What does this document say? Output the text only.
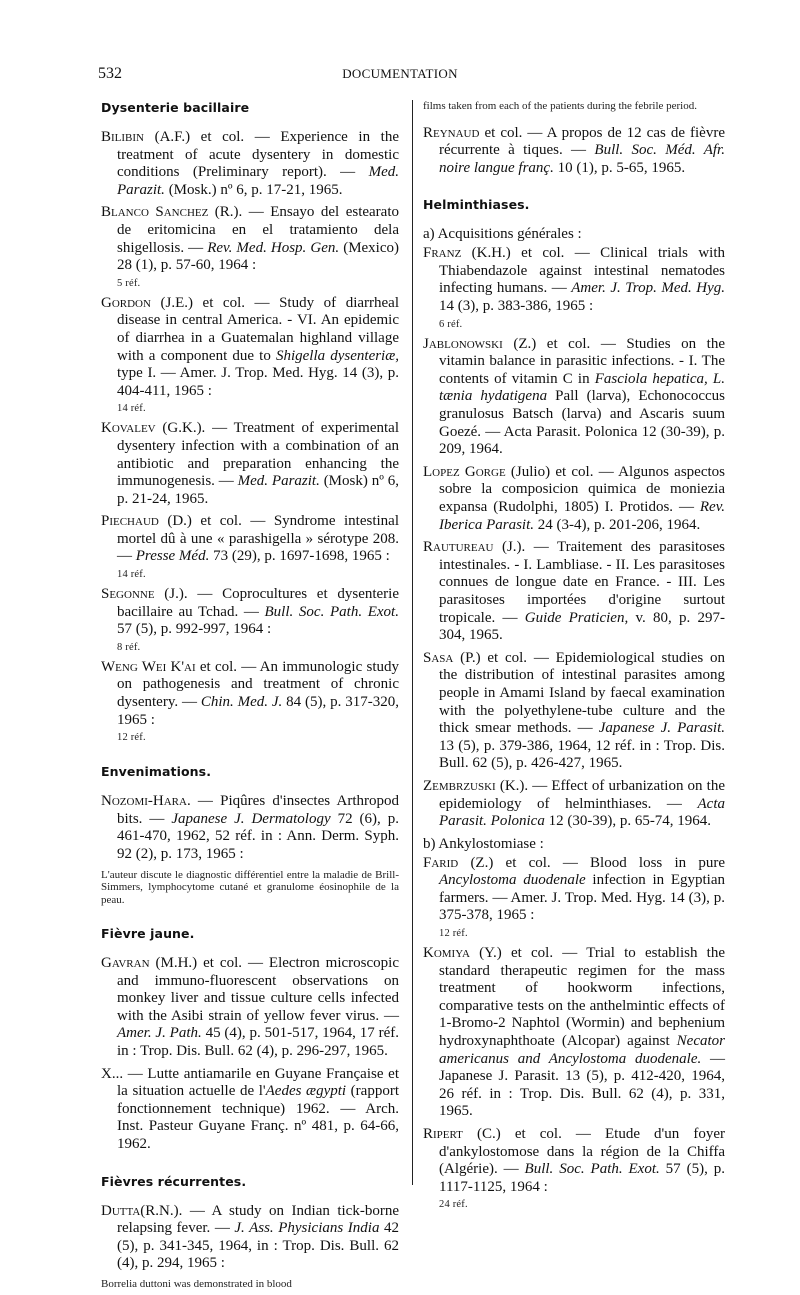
532	DOCUMENTATION
Dysenterie bacillaire

Bilibin (A.F.) et col. — Experience in the treatment of acute dysentery in domestic conditions (Preliminary report). — Med. Parazit. (Mosk.) nº 6, p. 17-21, 1965.

Blanco Sanchez (R.). — Ensayo del estearato de eritomicina en el tratamiento dela shigellosis. — Rev. Med. Hosp. Gen. (Mexico) 28 (1), p. 57-60, 1964 :

5 réf.

Gordon (J.E.) et col. — Study of diarrheal disease in central America. - VI. An epidemic of diarrhea in a Guatemalan highland village with a component due to Shigella dysenteriæ, type I. — Amer. J. Trop. Med. Hyg. 14 (3), p. 404-411, 1965 :

14 réf.

Kovalev (G.K.). — Treatment of experimental dysentery infection with a combination of an antibiotic and preparation enhancing the immunogenesis. — Med. Parazit. (Mosk) nº 6, p. 21-24, 1965.

Piechaud (D.) et col. — Syndrome intestinal mortel dû à une « parashigella » sérotype 208. — Presse Méd. 73 (29), p. 1697-1698, 1965 :

14 réf.

Segonne (J.). — Coprocultures et dysenterie bacillaire au Tchad. — Bull. Soc. Path. Exot. 57 (5), p. 992-997, 1964 :

8 réf.

Weng Wei K'ai et col. — An immunologic study on pathogenesis and treatment of chronic dysentery. — Chin. Med. J. 84 (5), p. 317-320, 1965 :

12 réf.
Envenimations.

Nozomi-Hara. — Piqûres d'insectes Arthropod bits. — Japanese J. Dermatology 72 (6), p. 461-470, 1962, 52 réf. in : Ann. Derm. Syph. 92 (2), p. 173, 1965 :

L'auteur discute le diagnostic différentiel entre la maladie de Brill-Simmers, lymphocytome cutané et granulome éosinophile de la peau.

Fièvre jaune.

Gavran (M.H.) et col. — Electron microscopic and immuno-fluorescent observations on monkey liver and tissue culture cells infected with the Asibi strain of yellow fever virus. — Amer. J. Path. 45 (4), p. 501-517, 1964, 17 réf. in : Trop. Dis. Bull. 62 (4), p. 296-297, 1965.

X... — Lutte antiamarile en Guyane Française et la situation actuelle de l'Aedes ægypti (rapport fonctionnement technique) 1962. — Arch. Inst. Pasteur Guyane Franç. nº 481, p. 64-66, 1962.

Fièvres récurrentes.

Dutta(R.N.). — A study on Indian tick-borne relapsing fever. — J. Ass. Physicians India 42 (5), p. 341-345, 1964, in : Trop. Dis. Bull. 62 (4), p. 294, 1965 :

Borrelia duttoni was demonstrated in blood

films taken from each of the patients during the febrile period.

Reynaud et col. — A propos de 12 cas de fièvre récurrente à tiques. — Bull. Soc. Méd. Afr. noire langue franç. 10 (1), p. 5-65, 1965.

Helminthiases.

a) Acquisitions générales :

Franz (K.H.) et col. — Clinical trials with Thiabendazole against intestinal nematodes infecting humans. — Amer. J. Trop. Med. Hyg. 14 (3), p. 383-386, 1965 :

6 réf.

Jablonowski (Z.) et col. — Studies on the vitamin balance in parasitic infections. - I. The contents of vitamin C in Fasciola hepatica, L. tænia hydatigena Pall (larva), Echonococcus granulosus Batsch (larva) and Ascaris suum Goezé. — Acta Parasit. Polonica 12 (30-39), p. 209, 1964.

Lopez Gorge (Julio) et col. — Algunos aspectos sobre la composicion quimica de moniezia expansa (Rudolphi, 1805) I. Protidos. — Rev. Iberica Parasit. 24 (3-4), p. 201-206, 1964.

Rautureau (J.). — Traitement des parasitoses intestinales. - I. Lambliase. - II. Les parasitoses connues de longue date en France. - III. Les parasitoses importées d'origine surtout tropicale. — Guide Praticien, v. 80, p. 297-304, 1965.

Sasa (P.) et col. — Epidemiological studies on the distribution of intestinal parasites among people in Amami Island by faecal examination with the polyethylene-tube culture and the thick smear methods. — Japanese J. Parasit. 13 (5), p. 379-386, 1964, 12 réf. in : Trop. Dis. Bull. 62 (5), p. 426-427, 1965.

Zembrzuski (K.). — Effect of urbanization on the epidemiology of helminthiases. — Acta Parasit. Polonica 12 (30-39), p. 65-74, 1964.

b) Ankylostomiase :

Farid (Z.) et col. — Blood loss in pure Ancylostoma duodenale infection in Egyptian farmers. — Amer. J. Trop. Med. Hyg. 14 (3), p. 375-378, 1965 :

12 réf.

Komiya (Y.) et col. — Trial to establish the standard therapeutic regimen for the mass treatment of hookworm infections, comparative tests on the anthelmintic effects of 1-Bromo-2 Naphtol (Wormin) and bephenium hydroxynaphthoate (Alcopar) against Necator americanus and Ancylostoma duodenale. — Japanese J. Parasit. 13 (5), p. 412-420, 1964, 26 réf. in : Trop. Dis. Bull. 62 (4), p. 331, 1965.

Ripert (C.) et col. — Etude d'un foyer d'ankylostomose dans la région de la Chiffa (Algérie). — Bull. Soc. Path. Exot. 57 (5), p. 1117-1125, 1964 :

24 réf.
